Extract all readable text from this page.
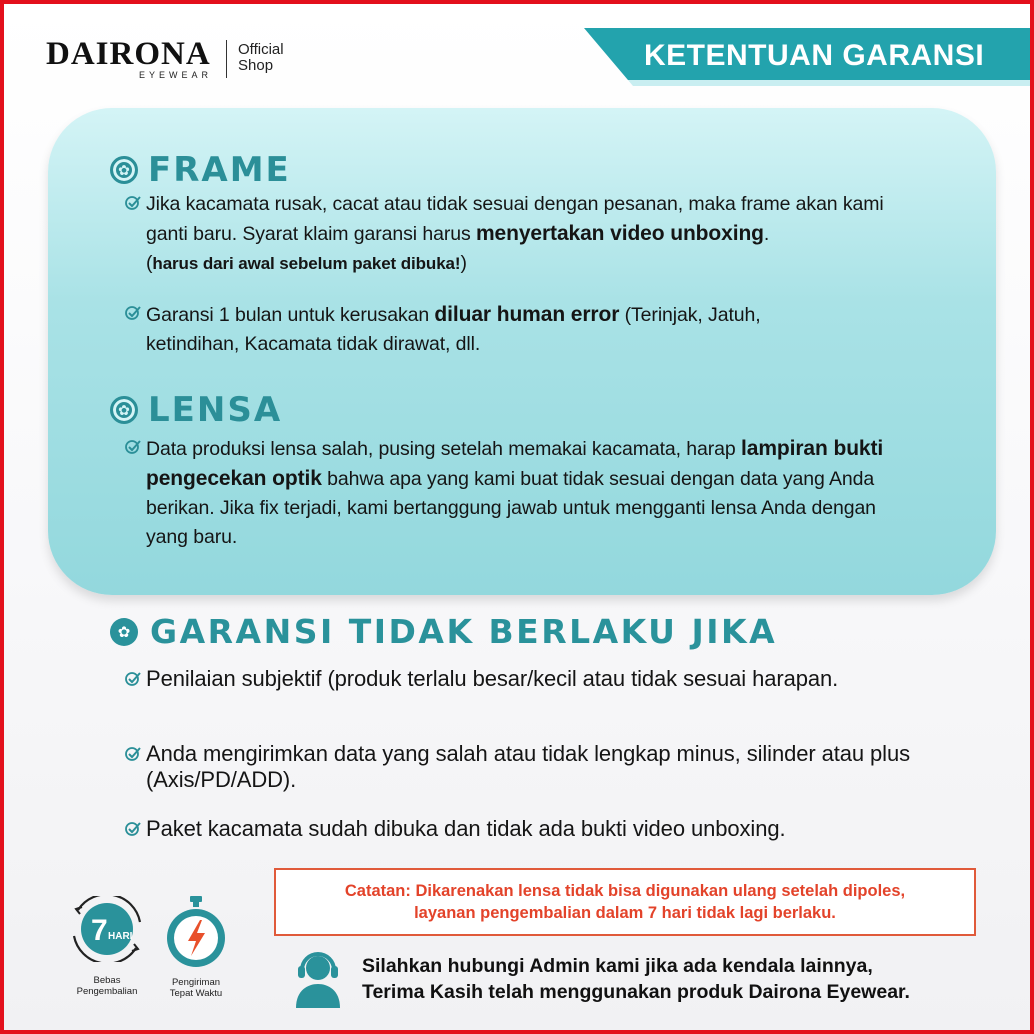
DAIRONA
EYEWEAR
Official
Shop	KETENTUAN GARANSI
✿ FRAME
Jika kacamata rusak, cacat atau tidak sesuai dengan pesanan, maka frame akan kami ganti baru. Syarat klaim garansi harus menyertakan video unboxing.
(harus dari awal sebelum paket dibuka!)
Garansi 1 bulan untuk kerusakan diluar human error (Terinjak, Jatuh, ketindihan, Kacamata tidak dirawat, dll.
✿ LENSA
Data produksi lensa salah, pusing setelah memakai kacamata, harap lampiran bukti pengecekan optik bahwa apa yang kami buat tidak sesuai dengan data yang Anda berikan. Jika fix terjadi, kami bertanggung jawab untuk mengganti lensa Anda dengan yang baru.
✿ GARANSI TIDAK BERLAKU JIKA
Penilaian subjektif (produk terlalu besar/kecil atau tidak sesuai harapan.
Anda mengirimkan data yang salah atau tidak lengkap minus, silinder atau plus (Axis/PD/ADD).
Paket kacamata sudah dibuka dan tidak ada bukti video unboxing.
Catatan: Dikarenakan lensa tidak bisa digunakan ulang setelah dipoles,
layanan pengembalian dalam 7 hari tidak lagi berlaku.
7 HARI
Bebas
Pengembalian
Pengiriman
Tepat Waktu
Silahkan hubungi Admin kami jika ada kendala lainnya,
Terima Kasih telah menggunakan produk Dairona Eyewear.
